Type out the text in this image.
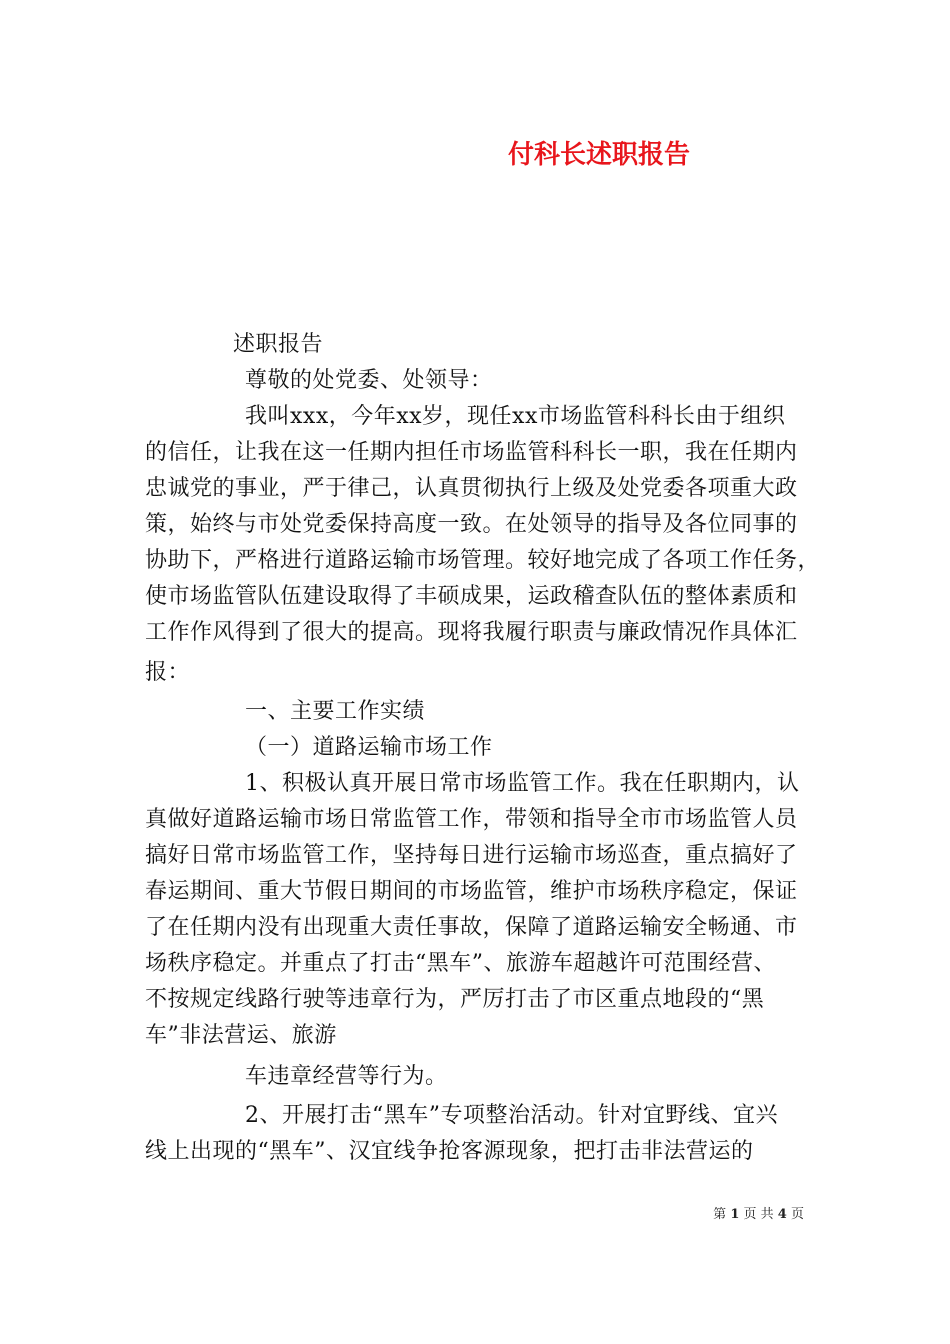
付科长述职报告
述职报告
尊敬的处党委、处领导：
我叫xxx，今年xx岁，现任xx市场监管科科长由于组织
的信任，让我在这一任期内担任市场监管科科长一职，我在任期内
忠诚党的事业，严于律己，认真贯彻执行上级及处党委各项重大政
策，始终与市处党委保持高度一致。在处领导的指导及各位同事的
协助下，严格进行道路运输市场管理。较好地完成了各项工作任务，
使市场监管队伍建设取得了丰硕成果，运政稽查队伍的整体素质和
工作作风得到了很大的提高。现将我履行职责与廉政情况作具体汇
报：
一、主要工作实绩
（一）道路运输市场工作
1、积极认真开展日常市场监管工作。我在任职期内，认
真做好道路运输市场日常监管工作，带领和指导全市市场监管人员
搞好日常市场监管工作，坚持每日进行运输市场巡查，重点搞好了
春运期间、重大节假日期间的市场监管，维护市场秩序稳定，保证
了在任期内没有出现重大责任事故，保障了道路运输安全畅通、市
场秩序稳定。并重点了打击“黑车”、旅游车超越许可范围经营、
不按规定线路行驶等违章行为，严厉打击了市区重点地段的“黑
车”非法营运、旅游
车违章经营等行为。
2、开展打击“黑车”专项整治活动。针对宜野线、宜兴
线上出现的“黑车”、汉宜线争抢客源现象，把打击非法营运的
第 1 页 共 4 页
